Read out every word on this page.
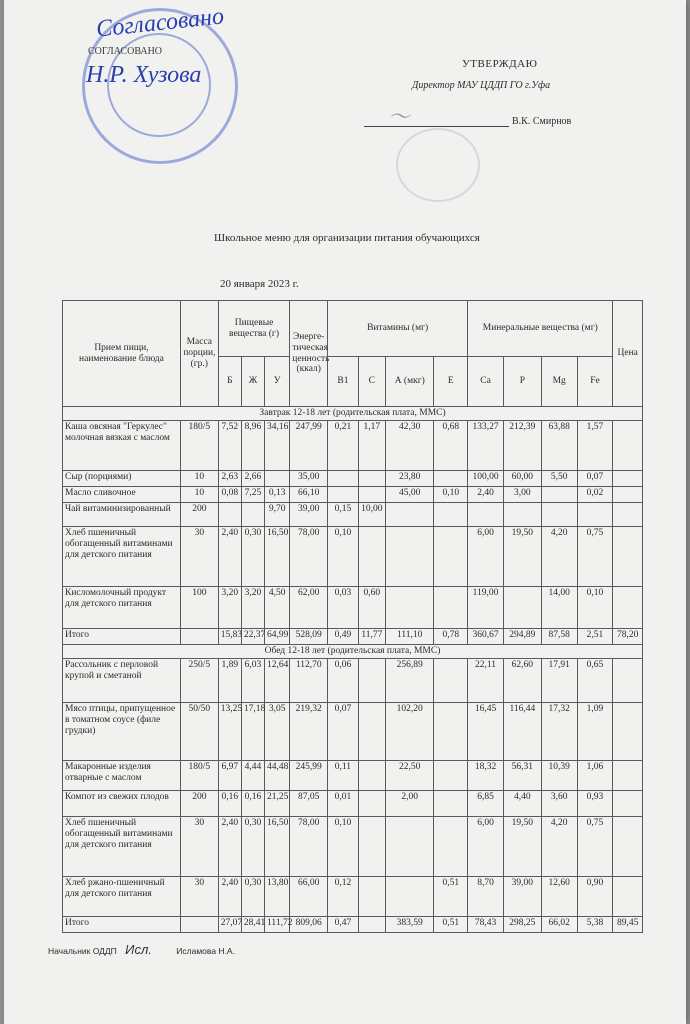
Согласовано
СОГЛАСОВАНО
Н.Р. Хузова	УТВЕРЖДАЮ
Директор МАУ ЦДДП ГО г.Уфа
〜	В.К. Смирнов
Школьное меню для организации питания обучающихся
20 января 2023 г.
Прием пищи, наименование блюда	Масса порции, (гр.)	Пищевые вещества (г)			Энерге-тическая ценность (ккал)	Витамины (мг)				Минеральные вещества (мг)				Цена
		Б	Ж	У		В1	С	А (мкг)	Е	Ca	P	Mg	Fe	
Завтрак 12-18 лет (родительская плата, ММС)														
Каша овсяная "Геркулес" молочная вязкая с маслом	180/5	7,52	8,96	34,16	247,99	0,21	1,17	42,30	0,68	133,27	212,39	63,88	1,57	
Сыр (порциями)	10	2,63	2,66		35,00			23,80		100,00	60,00	5,50	0,07	
Масло сливочное	10	0,08	7,25	0,13	66,10			45,00	0,10	2,40	3,00		0,02	
Чай витаминизированный	200			9,70	39,00	0,15	10,00							
Хлеб пшеничный обогащенный витаминами для детского питания	30	2,40	0,30	16,50	78,00	0,10				6,00	19,50	4,20	0,75	
Кисломолочный продукт для детского питания	100	3,20	3,20	4,50	62,00	0,03	0,60			119,00		14,00	0,10	
Итого		15,83	22,37	64,99	528,09	0,49	11,77	111,10	0,78	360,67	294,89	87,58	2,51	78,20
Обед 12-18 лет (родительская плата, ММС)														
Рассольник с перловой крупой и сметаной	250/5	1,89	6,03	12,64	112,70	0,06		256,89		22,11	62,60	17,91	0,65	
Мясо птицы, припущенное в томатном соусе (филе грудки)	50/50	13,25	17,18	3,05	219,32	0,07		102,20		16,45	116,44	17,32	1,09	
Макаронные изделия отварные с маслом	180/5	6,97	4,44	44,48	245,99	0,11		22,50		18,32	56,31	10,39	1,06	
Компот из свежих плодов	200	0,16	0,16	21,25	87,05	0,01		2,00		6,85	4,40	3,60	0,93	
Хлеб пшеничный обогащенный витаминами для детского питания	30	2,40	0,30	16,50	78,00	0,10				6,00	19,50	4,20	0,75	
Хлеб ржано-пшеничный для детского питания	30	2,40	0,30	13,80	66,00	0,12			0,51	8,70	39,00	12,60	0,90	
Итого		27,07	28,41	111,72	809,06	0,47		383,59	0,51	78,43	298,25	66,02	5,38	89,45
Начальник ОДДП Исл.	Исламова Н.А.
